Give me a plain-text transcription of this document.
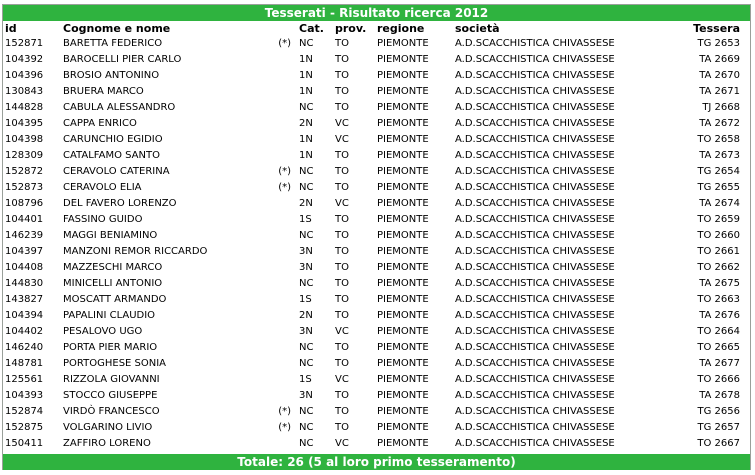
Tesserati - Risultato ricerca 2012
id	Cognome e nome		Cat.	prov.	regione	società	Tessera
152871	BARETTA FEDERICO	(*)	NC	TO	PIEMONTE	A.D.SCACCHISTICA CHIVASSESE	TG 2653
104392	BAROCELLI PIER CARLO		1N	TO	PIEMONTE	A.D.SCACCHISTICA CHIVASSESE	TA 2669
104396	BROSIO ANTONINO		1N	TO	PIEMONTE	A.D.SCACCHISTICA CHIVASSESE	TA 2670
130843	BRUERA MARCO		1N	TO	PIEMONTE	A.D.SCACCHISTICA CHIVASSESE	TA 2671
144828	CABULA ALESSANDRO		NC	TO	PIEMONTE	A.D.SCACCHISTICA CHIVASSESE	TJ 2668
104395	CAPPA ENRICO		2N	VC	PIEMONTE	A.D.SCACCHISTICA CHIVASSESE	TA 2672
104398	CARUNCHIO EGIDIO		1N	VC	PIEMONTE	A.D.SCACCHISTICA CHIVASSESE	TO 2658
128309	CATALFAMO SANTO		1N	TO	PIEMONTE	A.D.SCACCHISTICA CHIVASSESE	TA 2673
152872	CERAVOLO CATERINA	(*)	NC	TO	PIEMONTE	A.D.SCACCHISTICA CHIVASSESE	TG 2654
152873	CERAVOLO ELIA	(*)	NC	TO	PIEMONTE	A.D.SCACCHISTICA CHIVASSESE	TG 2655
108796	DEL FAVERO LORENZO		2N	VC	PIEMONTE	A.D.SCACCHISTICA CHIVASSESE	TA 2674
104401	FASSINO GUIDO		1S	TO	PIEMONTE	A.D.SCACCHISTICA CHIVASSESE	TO 2659
146239	MAGGI BENIAMINO		NC	TO	PIEMONTE	A.D.SCACCHISTICA CHIVASSESE	TO 2660
104397	MANZONI REMOR RICCARDO		3N	TO	PIEMONTE	A.D.SCACCHISTICA CHIVASSESE	TO 2661
104408	MAZZESCHI MARCO		3N	TO	PIEMONTE	A.D.SCACCHISTICA CHIVASSESE	TO 2662
144830	MINICELLI ANTONIO		NC	TO	PIEMONTE	A.D.SCACCHISTICA CHIVASSESE	TA 2675
143827	MOSCATT ARMANDO		1S	TO	PIEMONTE	A.D.SCACCHISTICA CHIVASSESE	TO 2663
104394	PAPALINI CLAUDIO		2N	TO	PIEMONTE	A.D.SCACCHISTICA CHIVASSESE	TA 2676
104402	PESALOVO UGO		3N	VC	PIEMONTE	A.D.SCACCHISTICA CHIVASSESE	TO 2664
146240	PORTA PIER MARIO		NC	TO	PIEMONTE	A.D.SCACCHISTICA CHIVASSESE	TO 2665
148781	PORTOGHESE SONIA		NC	TO	PIEMONTE	A.D.SCACCHISTICA CHIVASSESE	TA 2677
125561	RIZZOLA GIOVANNI		1S	VC	PIEMONTE	A.D.SCACCHISTICA CHIVASSESE	TO 2666
104393	STOCCO GIUSEPPE		3N	TO	PIEMONTE	A.D.SCACCHISTICA CHIVASSESE	TA 2678
152874	VIRDÒ FRANCESCO	(*)	NC	TO	PIEMONTE	A.D.SCACCHISTICA CHIVASSESE	TG 2656
152875	VOLGARINO LIVIO	(*)	NC	TO	PIEMONTE	A.D.SCACCHISTICA CHIVASSESE	TG 2657
150411	ZAFFIRO LORENO		NC	VC	PIEMONTE	A.D.SCACCHISTICA CHIVASSESE	TO 2667
Totale: 26 (5 al loro primo tesseramento)
